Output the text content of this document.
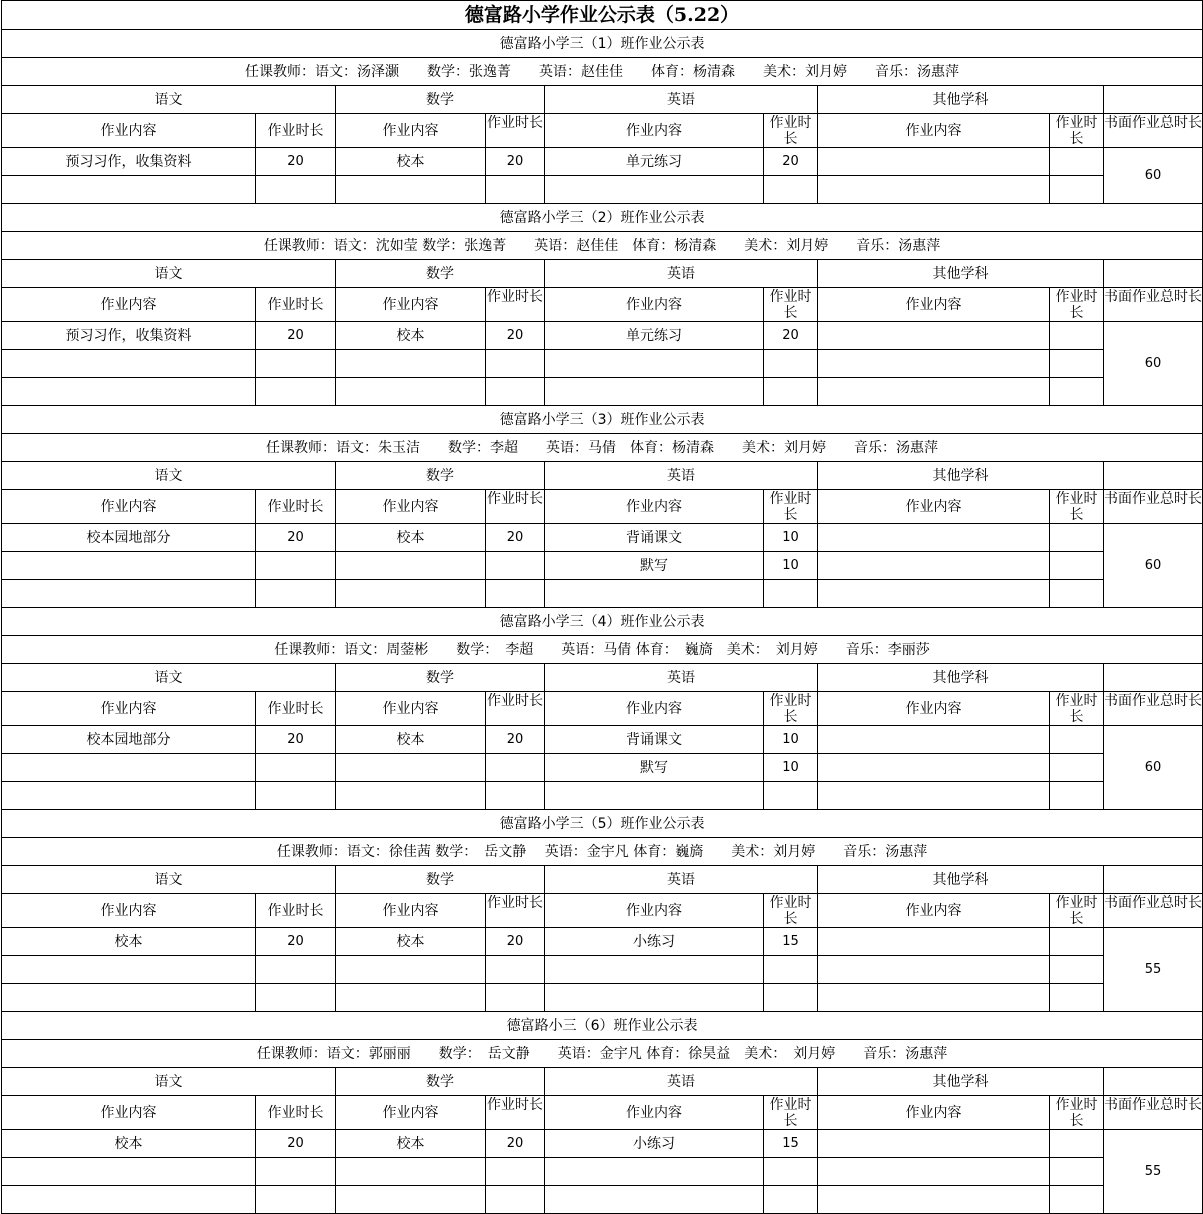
德富路小学作业公示表（5.22）								
德富路小学三（1）班作业公示表								
任课教师：语文：汤泽灏　　数学：张逸菁　　英语：赵佳佳　　体育：杨清森　　美术：刘月婷　　音乐：汤惠萍								
语文		数学		英语		其他学科		
作业内容	作业时长	作业内容	作业时长	作业内容	作业时长	作业内容	作业时长	书面作业总时长

预习习作，收集资料	20	校本	20	单元练习	20			60

德富路小学三（2）班作业公示表								
任课教师：语文：沈如莹 数学：张逸菁　　英语：赵佳佳　体育：杨清森　　美术：刘月婷　　音乐：汤惠萍								
语文		数学		英语		其他学科		
作业内容	作业时长	作业内容	作业时长	作业内容	作业时长	作业内容	作业时长	书面作业总时长

预习习作，收集资料	20	校本	20	单元练习	20			60

德富路小学三（3）班作业公示表								
任课教师：语文：朱玉洁　　数学：李超　　英语：马倩　体育：杨清森　　美术：刘月婷　　音乐：汤惠萍								
语文		数学		英语		其他学科		
作业内容	作业时长	作业内容	作业时长	作业内容	作业时长	作业内容	作业时长	书面作业总时长

校本园地部分	20	校本	20	背诵课文	10			60
				默写	10			

德富路小学三（4）班作业公示表								
任课教师：语文：周蓥彬　　数学：　李超　　英语：马倩 体育：　巍旖　美术：　刘月婷　　音乐：李丽莎								
语文		数学		英语		其他学科		
作业内容	作业时长	作业内容	作业时长	作业内容	作业时长	作业内容	作业时长	书面作业总时长

校本园地部分	20	校本	20	背诵课文	10			60
				默写	10			

德富路小学三（5）班作业公示表								
任课教师：语文：徐佳茜 数学：　岳文静　 英语：金宇凡 体育：巍旖　　美术：刘月婷　　音乐：汤惠萍								
语文		数学		英语		其他学科		
作业内容	作业时长	作业内容	作业时长	作业内容	作业时长	作业内容	作业时长	书面作业总时长

校本	20	校本	20	小练习	15			55

德富路小三（6）班作业公示表								
任课教师：语文：郭丽丽　　数学：　岳文静　　英语：金宇凡 体育：徐昊益　美术：　刘月婷　　音乐：汤惠萍								
语文		数学		英语		其他学科		
作业内容	作业时长	作业内容	作业时长	作业内容	作业时长	作业内容	作业时长	书面作业总时长

校本	20	校本	20	小练习	15			55
